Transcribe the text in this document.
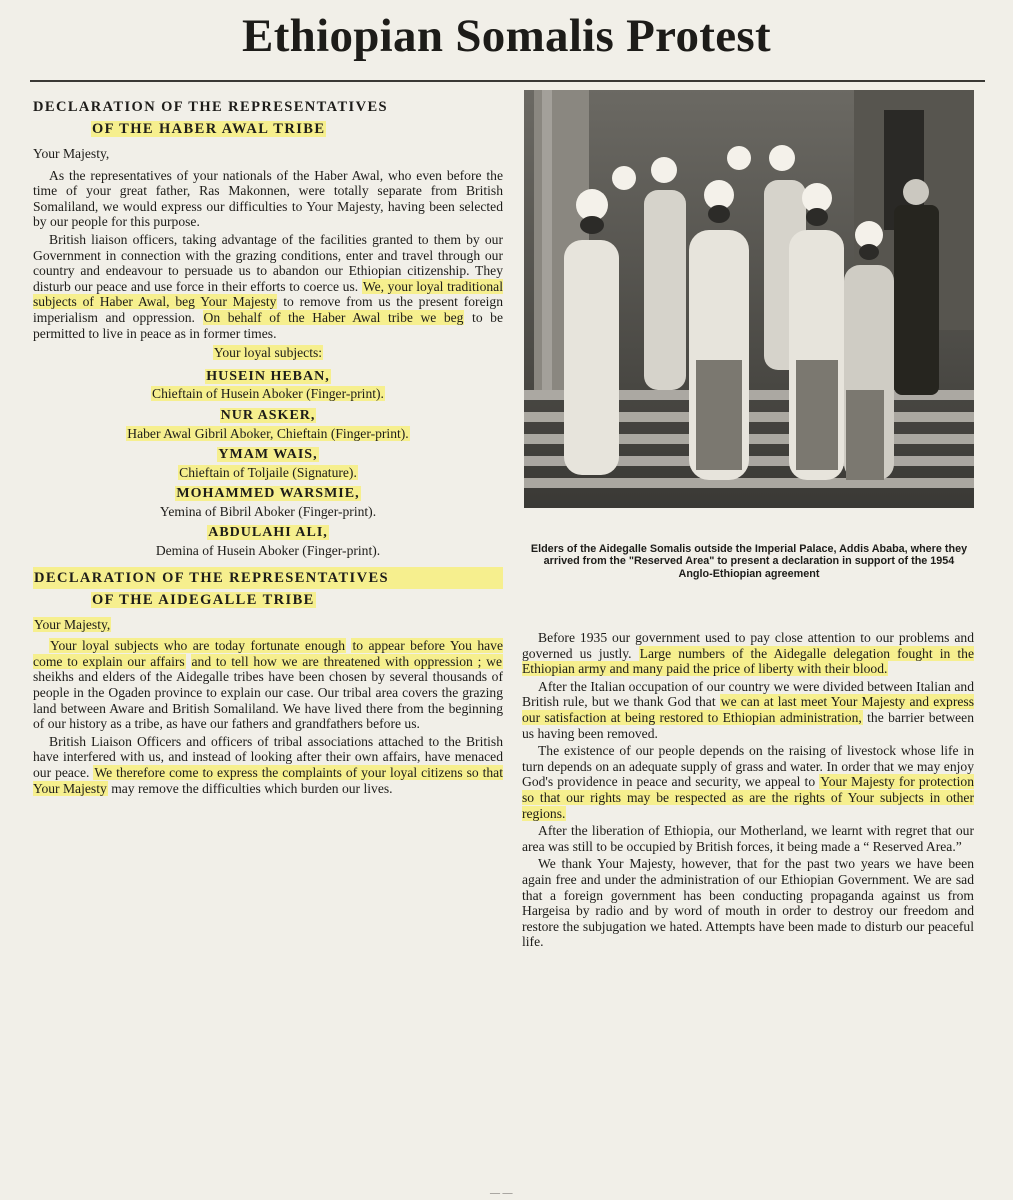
Ethiopian Somalis Protest
DECLARATION OF THE REPRESENTATIVES
OF THE HABER AWAL TRIBE

Your Majesty,

As the representatives of your nationals of the Haber Awal, who even before the time of your great father, Ras Makonnen, were totally separate from British Somaliland, we would express our difficulties to Your Majesty, having been selected by our people for this purpose.

British liaison officers, taking advantage of the facilities granted to them by our Government in connection with the grazing conditions, enter and travel through our country and endeavour to persuade us to abandon our Ethiopian citizenship. They disturb our peace and use force in their efforts to coerce us. We, your loyal traditional subjects of Haber Awal, beg Your Majesty to remove from us the present foreign imperialism and oppression. On behalf of the Haber Awal tribe we beg to be permitted to live in peace as in former times.

Your loyal subjects:
HUSEIN HEBAN,
Chieftain of Husein Aboker (Finger-print).
NUR ASKER,
Haber Awal Gibril Aboker, Chieftain (Finger-print).
YMAM WAIS,
Chieftain of Toljaile (Signature).
MOHAMMED WARSMIE,
Yemina of Bibril Aboker (Finger-print).
ABDULAHI ALI,
Demina of Husein Aboker (Finger-print).
DECLARATION OF THE REPRESENTATIVES
OF THE AIDEGALLE TRIBE

Your Majesty,

Your loyal subjects who are today fortunate enough to appear before You have come to explain our affairs and to tell how we are threatened with oppression ; we sheikhs and elders of the Aidegalle tribes have been chosen by several thousands of people in the Ogaden province to explain our case. Our tribal area covers the grazing land between Aware and British Somaliland. We have lived there from the beginning of our history as a tribe, as have our fathers and grandfathers before us.

British Liaison Officers and officers of tribal associations attached to the British have interfered with us, and instead of looking after their own affairs, have menaced our peace. We therefore come to express the complaints of your loyal citizens so that Your Majesty may remove the difficulties which burden our lives.

Elders of the Aidegalle Somalis outside the Imperial Palace, Addis Ababa, where they arrived from the "Reserved Area" to present a declaration in support of the 1954 Anglo-Ethiopian agreement

Before 1935 our government used to pay close attention to our problems and governed us justly. Large numbers of the Aidegalle delegation fought in the Ethiopian army and many paid the price of liberty with their blood.

After the Italian occupation of our country we were divided between Italian and British rule, but we thank God that we can at last meet Your Majesty and express our satisfaction at being restored to Ethiopian administration, the barrier between us having been removed.

The existence of our people depends on the raising of livestock whose life in turn depends on an adequate supply of grass and water. In order that we may enjoy God's providence in peace and security, we appeal to Your Majesty for protection so that our rights may be respected as are the rights of Your subjects in other regions.

After the liberation of Ethiopia, our Motherland, we learnt with regret that our area was still to be occupied by British forces, it being made a “ Reserved Area.”

We thank Your Majesty, however, that for the past two years we have been again free and under the administration of our Ethiopian Government. We are sad that a foreign government has been conducting propaganda against us from Hargeisa by radio and by word of mouth in order to destroy our freedom and restore the subjugation we hated. Attempts have been made to disturb our peaceful life.

— —
